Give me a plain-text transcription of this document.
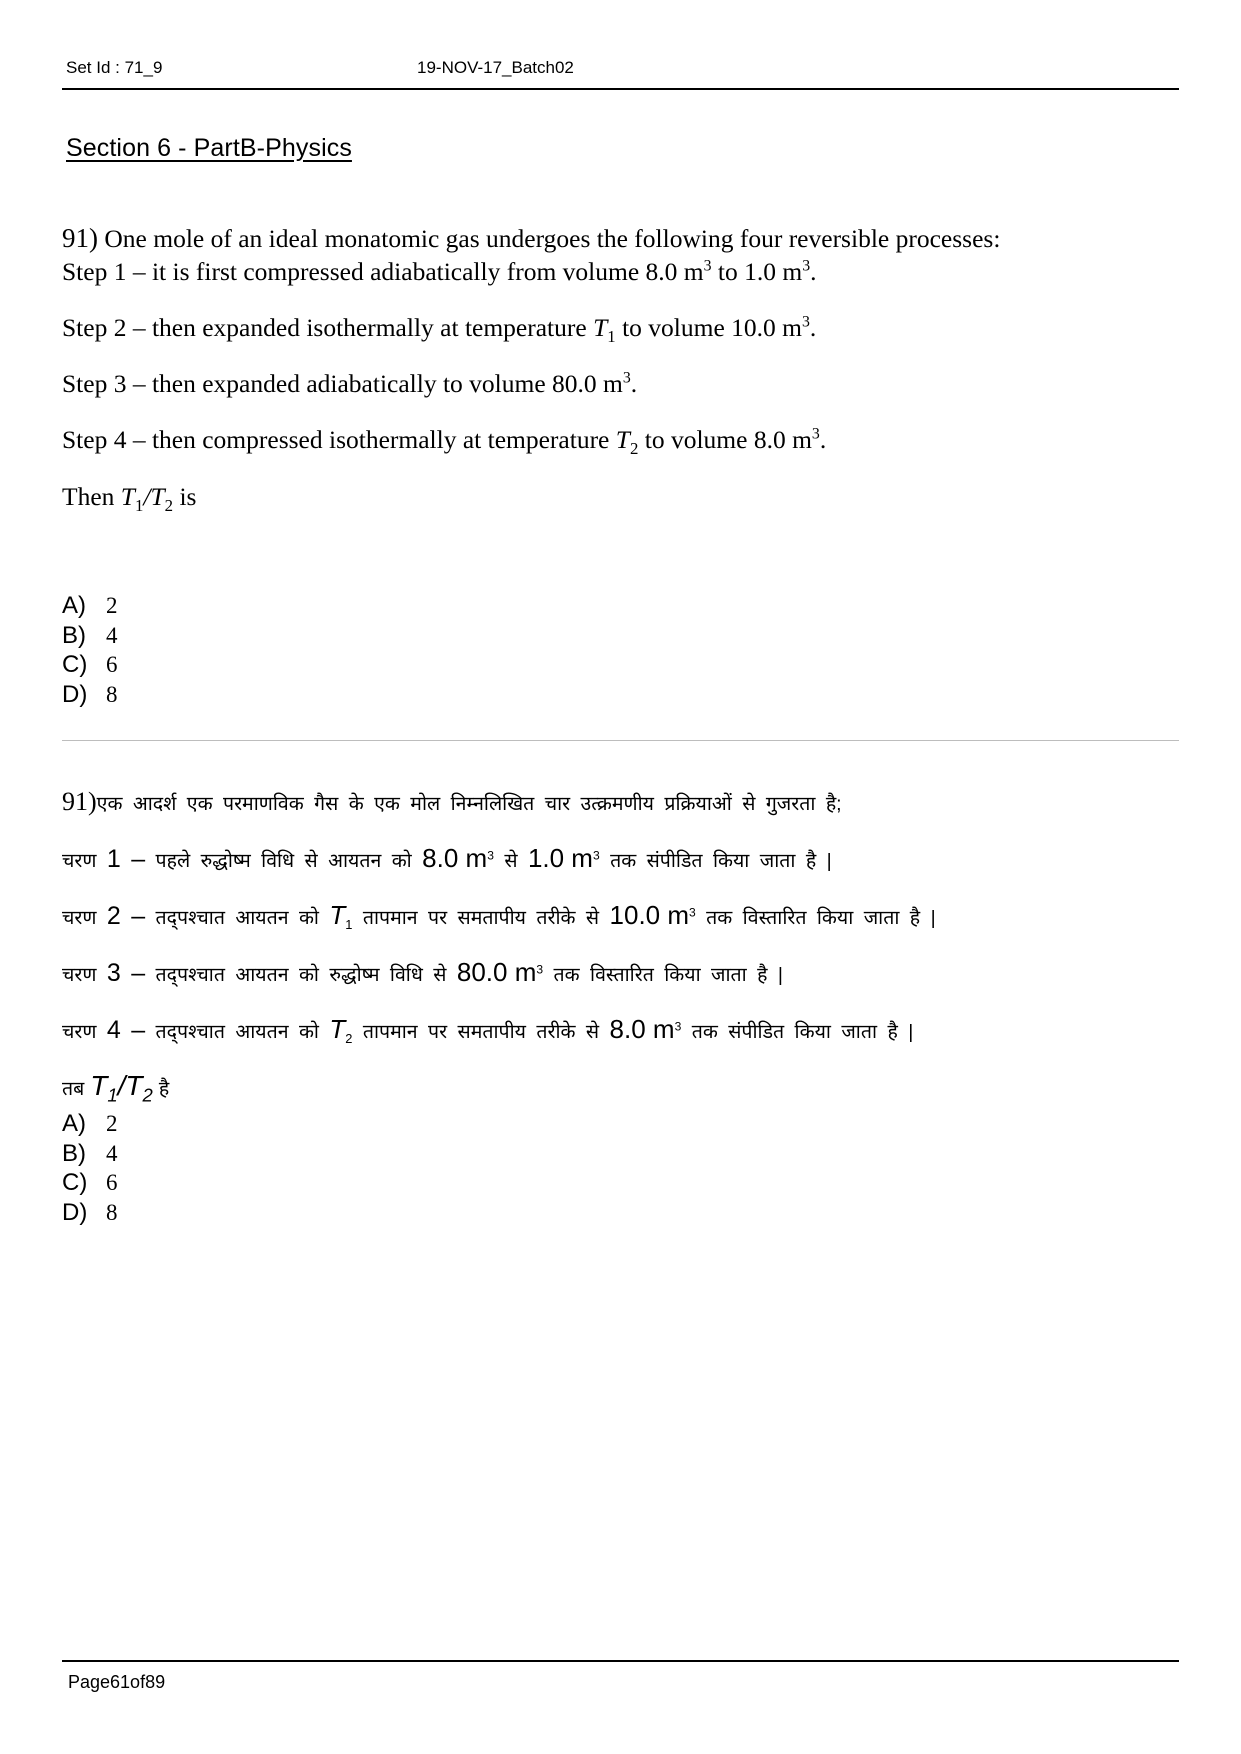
Set Id : 71_9	19-NOV-17_Batch02
Section 6 - PartB-Physics

91) One mole of an ideal monatomic gas undergoes the following four reversible processes:
Step 1 – it is first compressed adiabatically from volume 8.0 $m^3$ to 1.0 $m^3$.

Step 2 – then expanded isothermally at temperature $T_1$ to volume 10.0 $m^3$.

Step 3 – then expanded adiabatically to volume 80.0 $m^3$.

Step 4 – then compressed isothermally at temperature $T_2$ to volume 8.0 $m^3$.

Then $T_1/T_2$ is

A) 2
B) 4
C) 6
D) 8

91)एक आदर्श एक परमाणविक गैस के एक मोल निम्नलिखित चार उत्क्रमणीय प्रक्रियाओं से गुजरता है;

चरण 1 – पहले रुद्धोष्म विधि से आयतन को 8.0 $m^3$ से 1.0 $m^3$ तक संपीडित किया जाता है |

चरण 2 – तद्पश्चात आयतन को $T_1$ तापमान पर समतापीय तरीके से 10.0 $m^3$ तक विस्तारित किया जाता है |

चरण 3 – तद्पश्चात आयतन को रुद्धोष्म विधि से 80.0 $m^3$ तक विस्तारित किया जाता है |

चरण 4 – तद्पश्चात आयतन को $T_2$ तापमान पर समतापीय तरीके से 8.0 $m^3$ तक संपीडित किया जाता है |

तब $T_1/T_2$ है

A) 2
B) 4
C) 6
D) 8
Page61of89
